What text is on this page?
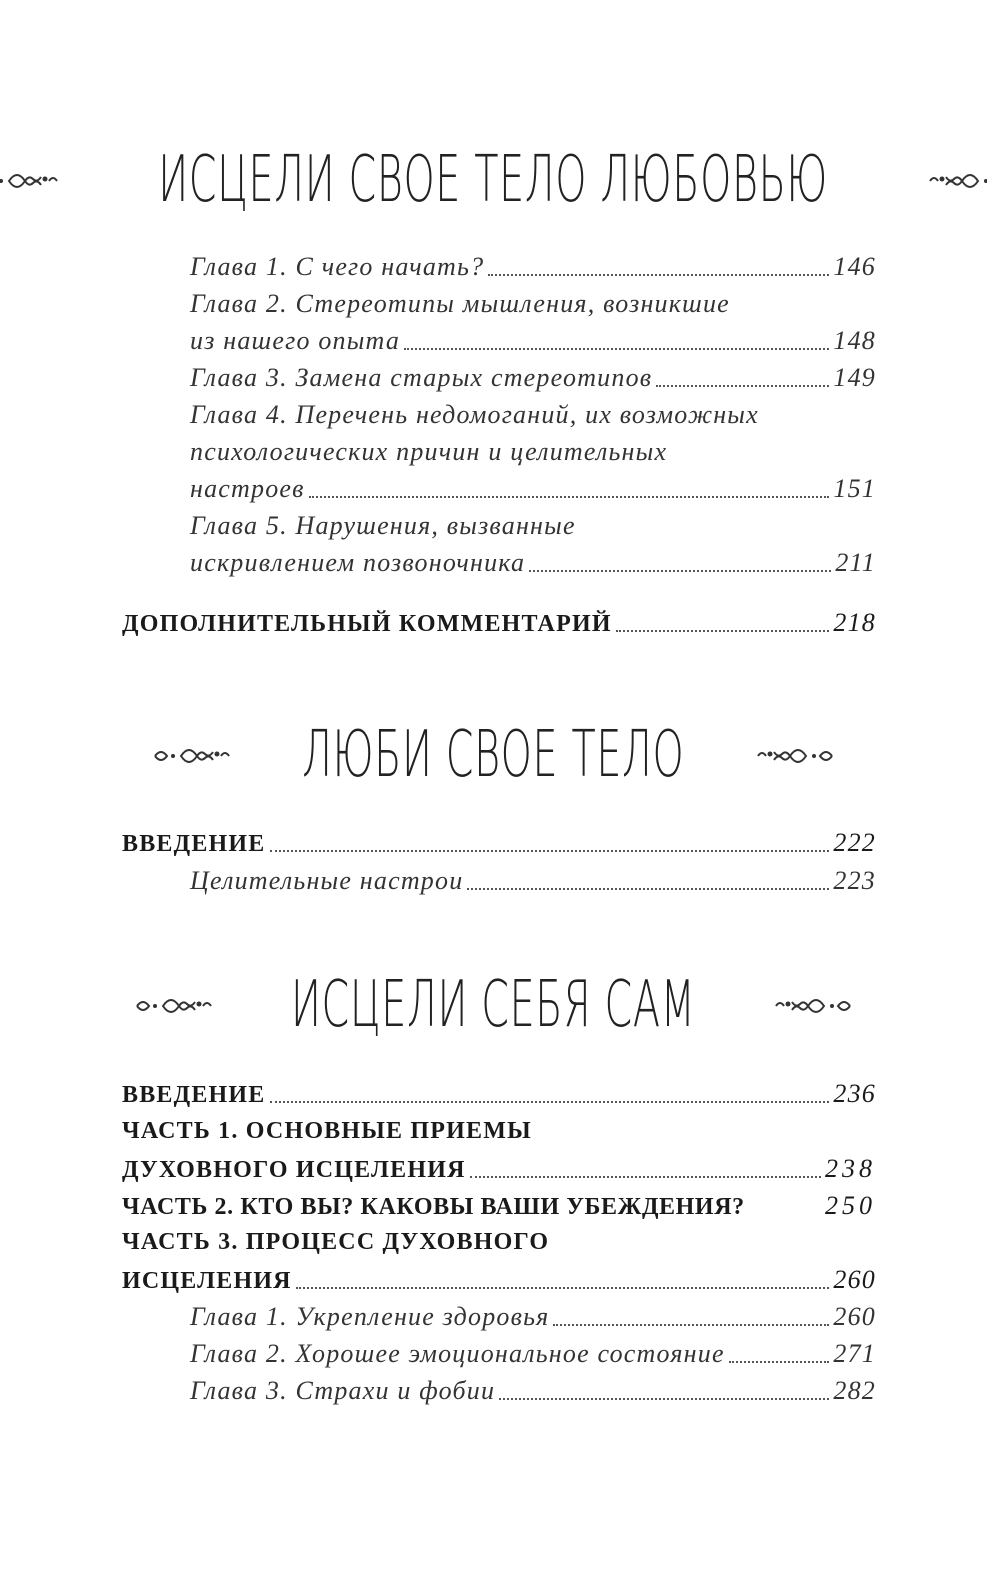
ИСЦЕЛИ СВОЕ ТЕЛО ЛЮБОВЬЮ
Глава 1. С чего начать?	146
Глава 2. Стереотипы мышления, возникшие
из нашего опыта	148
Глава 3. Замена старых стереотипов	149
Глава 4. Перечень недомоганий, их возможных
психологических причин и целительных
настроев	151
Глава 5. Нарушения, вызванные
искривлением позвоночника	211
ДОПОЛНИТЕЛЬНЫЙ КОММЕНТАРИЙ	218
ЛЮБИ СВОЕ ТЕЛО
ВВЕДЕНИЕ	222
Целительные настрои	223
ИСЦЕЛИ СЕБЯ САМ
ВВЕДЕНИЕ	236
ЧАСТЬ 1. ОСНОВНЫЕ ПРИЕМЫ
ДУХОВНОГО ИСЦЕЛЕНИЯ	238
ЧАСТЬ 2. КТО ВЫ? КАКОВЫ ВАШИ УБЕЖДЕНИЯ?	250
ЧАСТЬ 3. ПРОЦЕСС ДУХОВНОГО
ИСЦЕЛЕНИЯ	260
Глава 1. Укрепление здоровья	260
Глава 2. Хорошее эмоциональное состояние	271
Глава 3. Страхи и фобии	282
